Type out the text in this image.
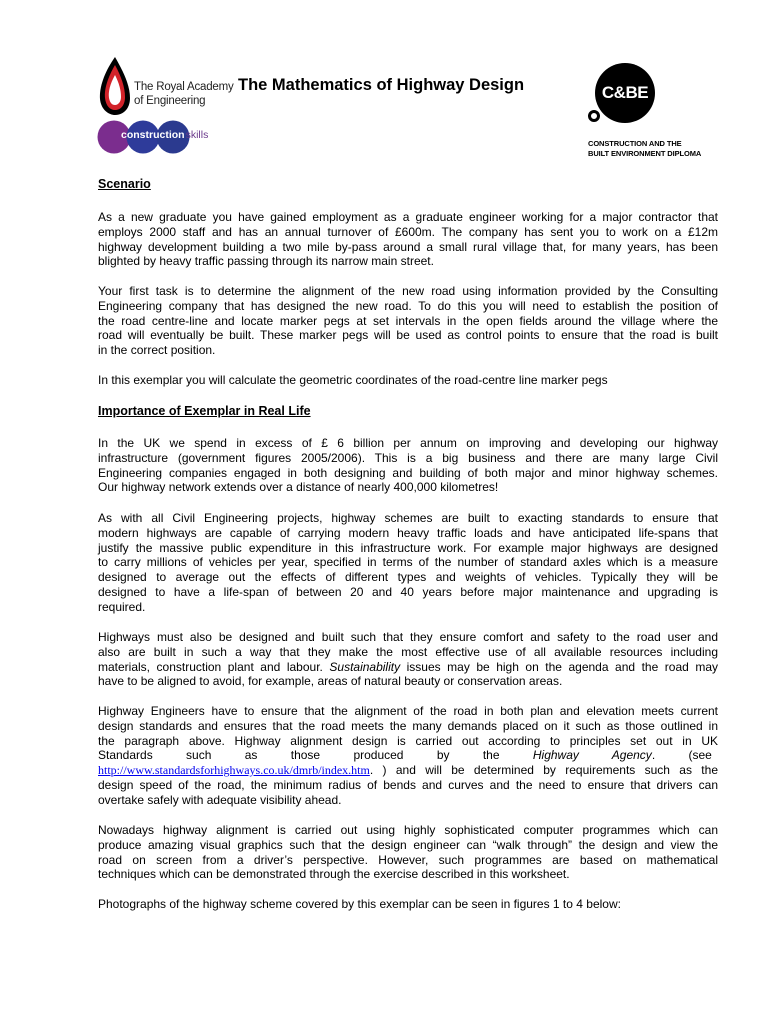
The Royal Academy
of Engineering
constructionskills
The Mathematics of Highway Design	C&BE
CONSTRUCTION AND THE
BUILT ENVIRONMENT DIPLOMA
Scenario
As a new graduate you have gained employment as a graduate engineer working for a major contractor that
employs 2000 staff and has an annual turnover of £600m. The company has sent you to work on a £12m
highway development building a two mile by-pass around a small rural village that, for many years, has been
blighted by heavy traffic passing through its narrow main street.
Your first task is to determine the alignment of the new road using information provided by the Consulting
Engineering company that has designed the new road. To do this you will need to establish the position of
the road centre-line and locate marker pegs at set intervals in the open fields around the village where the
road will eventually be built. These marker pegs will be used as control points to ensure that the road is built
in the correct position.
In this exemplar you will calculate the geometric coordinates of the road-centre line marker pegs
Importance of Exemplar in Real Life
In the UK we spend in excess of £ 6 billion per annum on improving and developing our highway
infrastructure (government figures 2005/2006). This is a big business and there are many large Civil
Engineering companies engaged in both designing and building of both major and minor highway schemes.
Our highway network extends over a distance of nearly 400,000 kilometres!
As with all Civil Engineering projects, highway schemes are built to exacting standards to ensure that
modern highways are capable of carrying modern heavy traffic loads and have anticipated life-spans that
justify the massive public expenditure in this infrastructure work. For example major highways are designed
to carry millions of vehicles per year, specified in terms of the number of standard axles which is a measure
designed to average out the effects of different types and weights of vehicles. Typically they will be
designed to have a life-span of between 20 and 40 years before major maintenance and upgrading is
required.
Highways must also be designed and built such that they ensure comfort and safety to the road user and
also are built in such a way that they make the most effective use of all available resources including
materials, construction plant and labour. Sustainability issues may be high on the agenda and the road may
have to be aligned to avoid, for example, areas of natural beauty or conservation areas.
Highway Engineers have to ensure that the alignment of the road in both plan and elevation meets current
design standards and ensures that the road meets the many demands placed on it such as those outlined in
the paragraph above. Highway alignment design is carried out according to principles set out in UK
Standards          such          as          those          produced          by          the          Highway          Agency.          (see
http://www.standardsforhighways.co.uk/dmrb/index.htm. ) and will be determined by requirements such as the
design speed of the road, the minimum radius of bends and curves and the need to ensure that drivers can
overtake safely with adequate visibility ahead.
Nowadays highway alignment is carried out using highly sophisticated computer programmes which can
produce amazing visual graphics such that the design engineer can “walk through” the design and view the
road on screen from a driver’s perspective. However, such programmes are based on mathematical
techniques which can be demonstrated through the exercise described in this worksheet.
Photographs of the highway scheme covered by this exemplar can be seen in figures 1 to 4 below:
